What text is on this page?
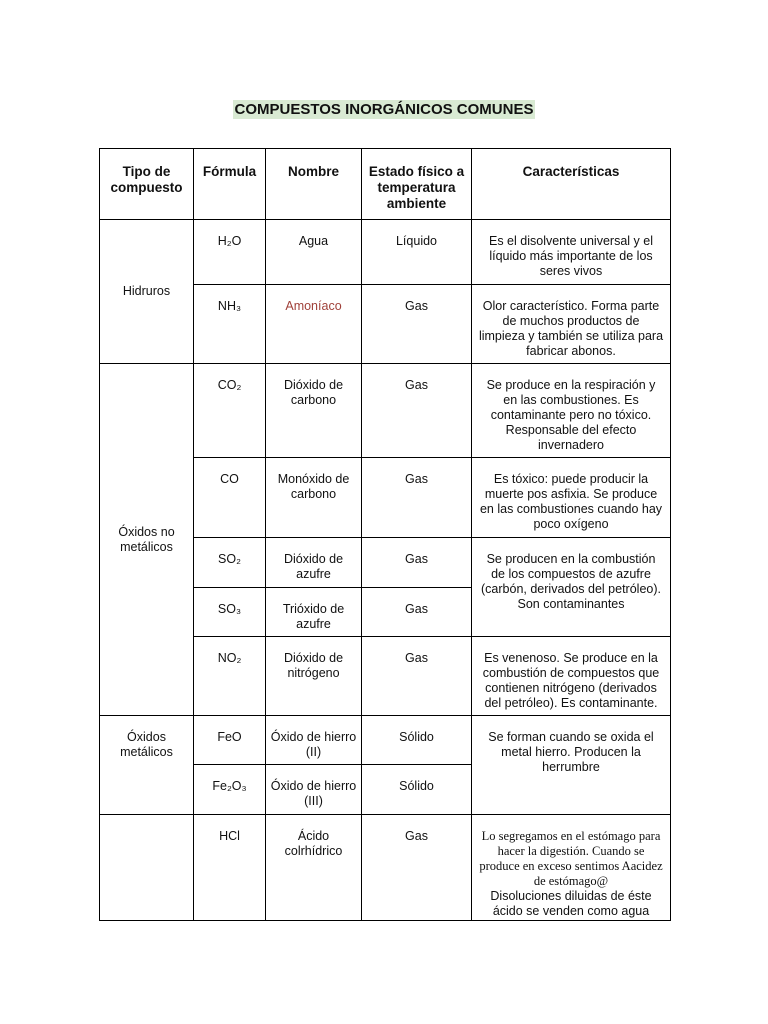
COMPUESTOS INORGÁNICOS COMUNES
Tipo de compuesto	Fórmula	Nombre	Estado físico a temperatura ambiente	Características
Hidruros	H₂O	Agua	Líquido	Es el disolvente universal y el líquido más importante de los seres vivos
	NH₃	Amoníaco	Gas	Olor característico. Forma parte de muchos productos de limpieza y también se utiliza para fabricar abonos.
Óxidos no metálicos	CO₂	Dióxido de carbono	Gas	Se produce en la respiración y en las combustiones. Es contaminante pero no tóxico. Responsable del efecto invernadero
	CO	Monóxido de carbono	Gas	Es tóxico: puede producir la muerte pos asfixia. Se produce en las combustiones cuando hay poco oxígeno
	SO₂	Dióxido de azufre	Gas	Se producen en la combustión de los compuestos de azufre (carbón, derivados del petróleo). Son contaminantes
	SO₃	Trióxido de azufre	Gas	
	NO₂	Dióxido de nitrógeno	Gas	Es venenoso. Se produce en la combustión de compuestos que contienen nitrógeno (derivados del petróleo). Es contaminante.
Óxidos metálicos	FeO	Óxido de hierro (II)	Sólido	Se forman cuando se oxida el metal hierro. Producen la herrumbre
	Fe₂O₃	Óxido de hierro (III)	Sólido	
	HCl	Ácido colrhídrico	Gas	Lo segregamos en el estómago para hacer la digestión. Cuando se produce en exceso sentimos Aacidez de estómago@
Disoluciones diluidas de éste ácido se venden como agua
